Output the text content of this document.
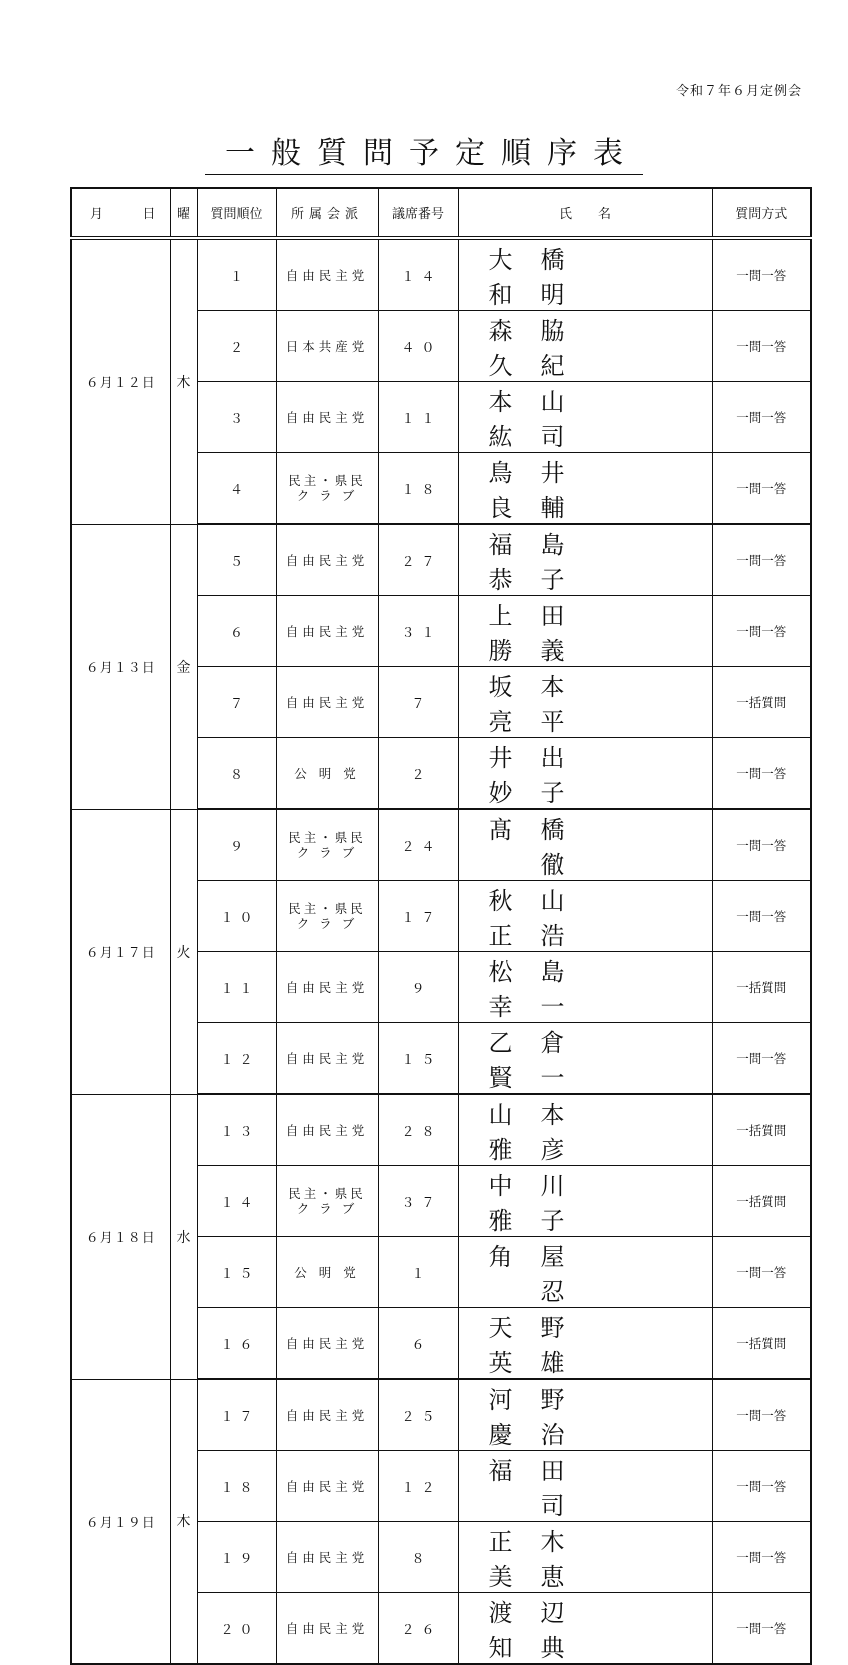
令和７年６月定例会
一般質問予定順序表
月 日	曜	質問順位	所属会派	議席番号	氏　　名	質問方式
６月１２日	木	１	自由民主党	１４	大橋和明	一問一答
		２	日本共産党	４０	森脇久紀	一問一答
		３	自由民主党	１１	本山紘司	一問一答
		４	民主・県民
ク ラ ブ	１８	鳥井良輔	一問一答
６月１３日	金	５	自由民主党	２７	福島恭子	一問一答
		６	自由民主党	３１	上田勝義	一問一答
		７	自由民主党	７	坂本亮平	一括質問
		８	公 明 党	２	井出妙子	一問一答
６月１７日	火	９	民主・県民
ク ラ ブ	２４	髙橋　徹	一問一答
		１０	民主・県民
ク ラ ブ	１７	秋山正浩	一問一答
		１１	自由民主党	９	松島幸一	一括質問
		１２	自由民主党	１５	乙倉賢一	一問一答
６月１８日	水	１３	自由民主党	２８	山本雅彦	一括質問
		１４	民主・県民
ク ラ ブ	３７	中川雅子	一括質問
		１５	公 明 党	１	角屋　忍	一問一答
		１６	自由民主党	６	天野英雄	一括質問
６月１９日	木	１７	自由民主党	２５	河野慶治	一問一答
		１８	自由民主党	１２	福田　司	一問一答
		１９	自由民主党	８	正木美恵	一問一答
		２０	自由民主党	２６	渡辺知典	一問一答
